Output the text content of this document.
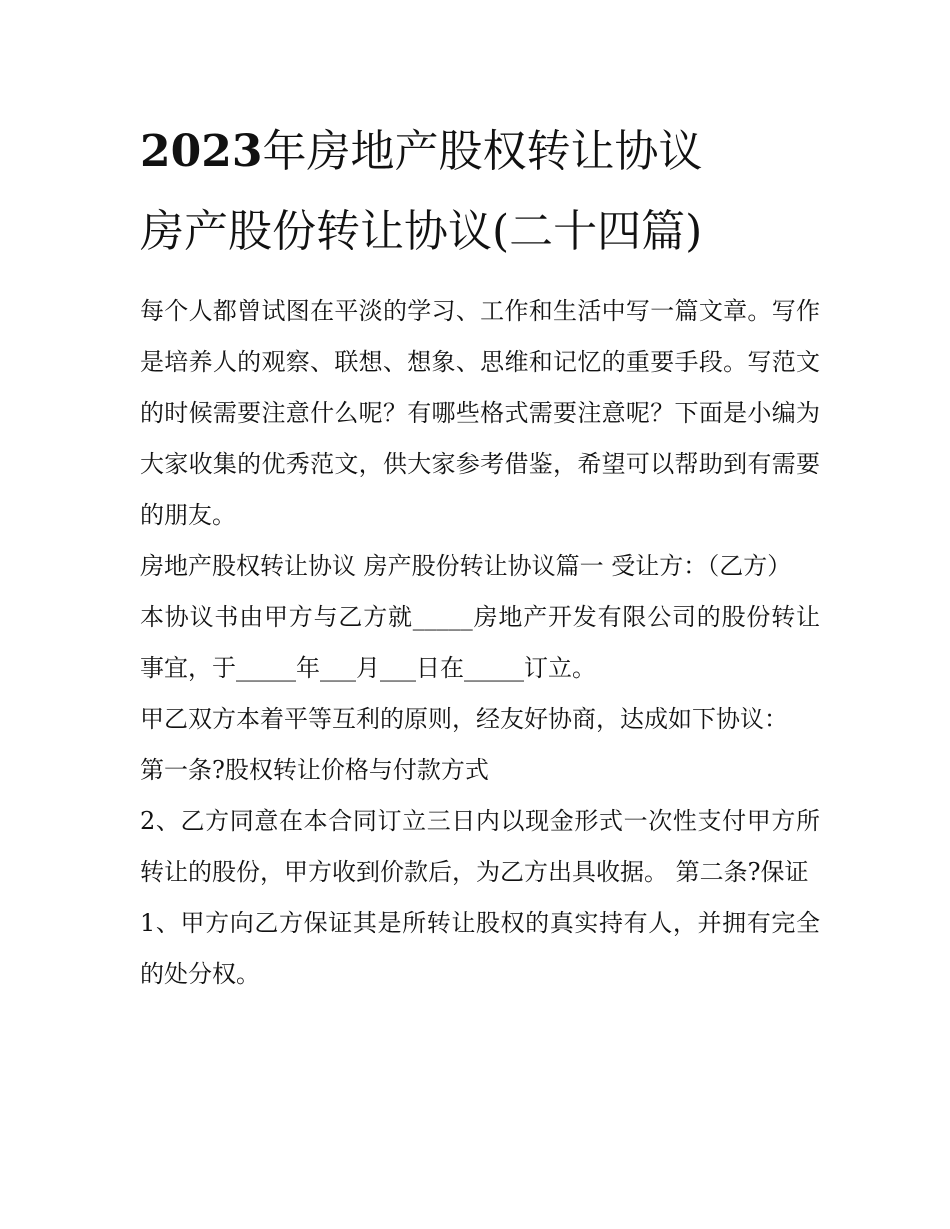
2023年房地产股权转让协议
房产股份转让协议(二十四篇)

每个人都曾试图在平淡的学习、工作和生活中写一篇文章。写作是培养人的观察、联想、想象、思维和记忆的重要手段。写范文的时候需要注意什么呢？有哪些格式需要注意呢？下面是小编为大家收集的优秀范文，供大家参考借鉴，希望可以帮助到有需要的朋友。

房地产股权转让协议 房产股份转让协议篇一 受让方：（乙方）

本协议书由甲方与乙方就_____房地产开发有限公司的股份转让事宜，于_____年___月___日在_____订立。

甲乙双方本着平等互利的原则，经友好协商，达成如下协议：

第一条?股权转让价格与付款方式

2、乙方同意在本合同订立三日内以现金形式一次性支付甲方所转让的股份，甲方收到价款后，为乙方出具收据。 第二条?保证

1、甲方向乙方保证其是所转让股权的真实持有人，并拥有完全的处分权。
